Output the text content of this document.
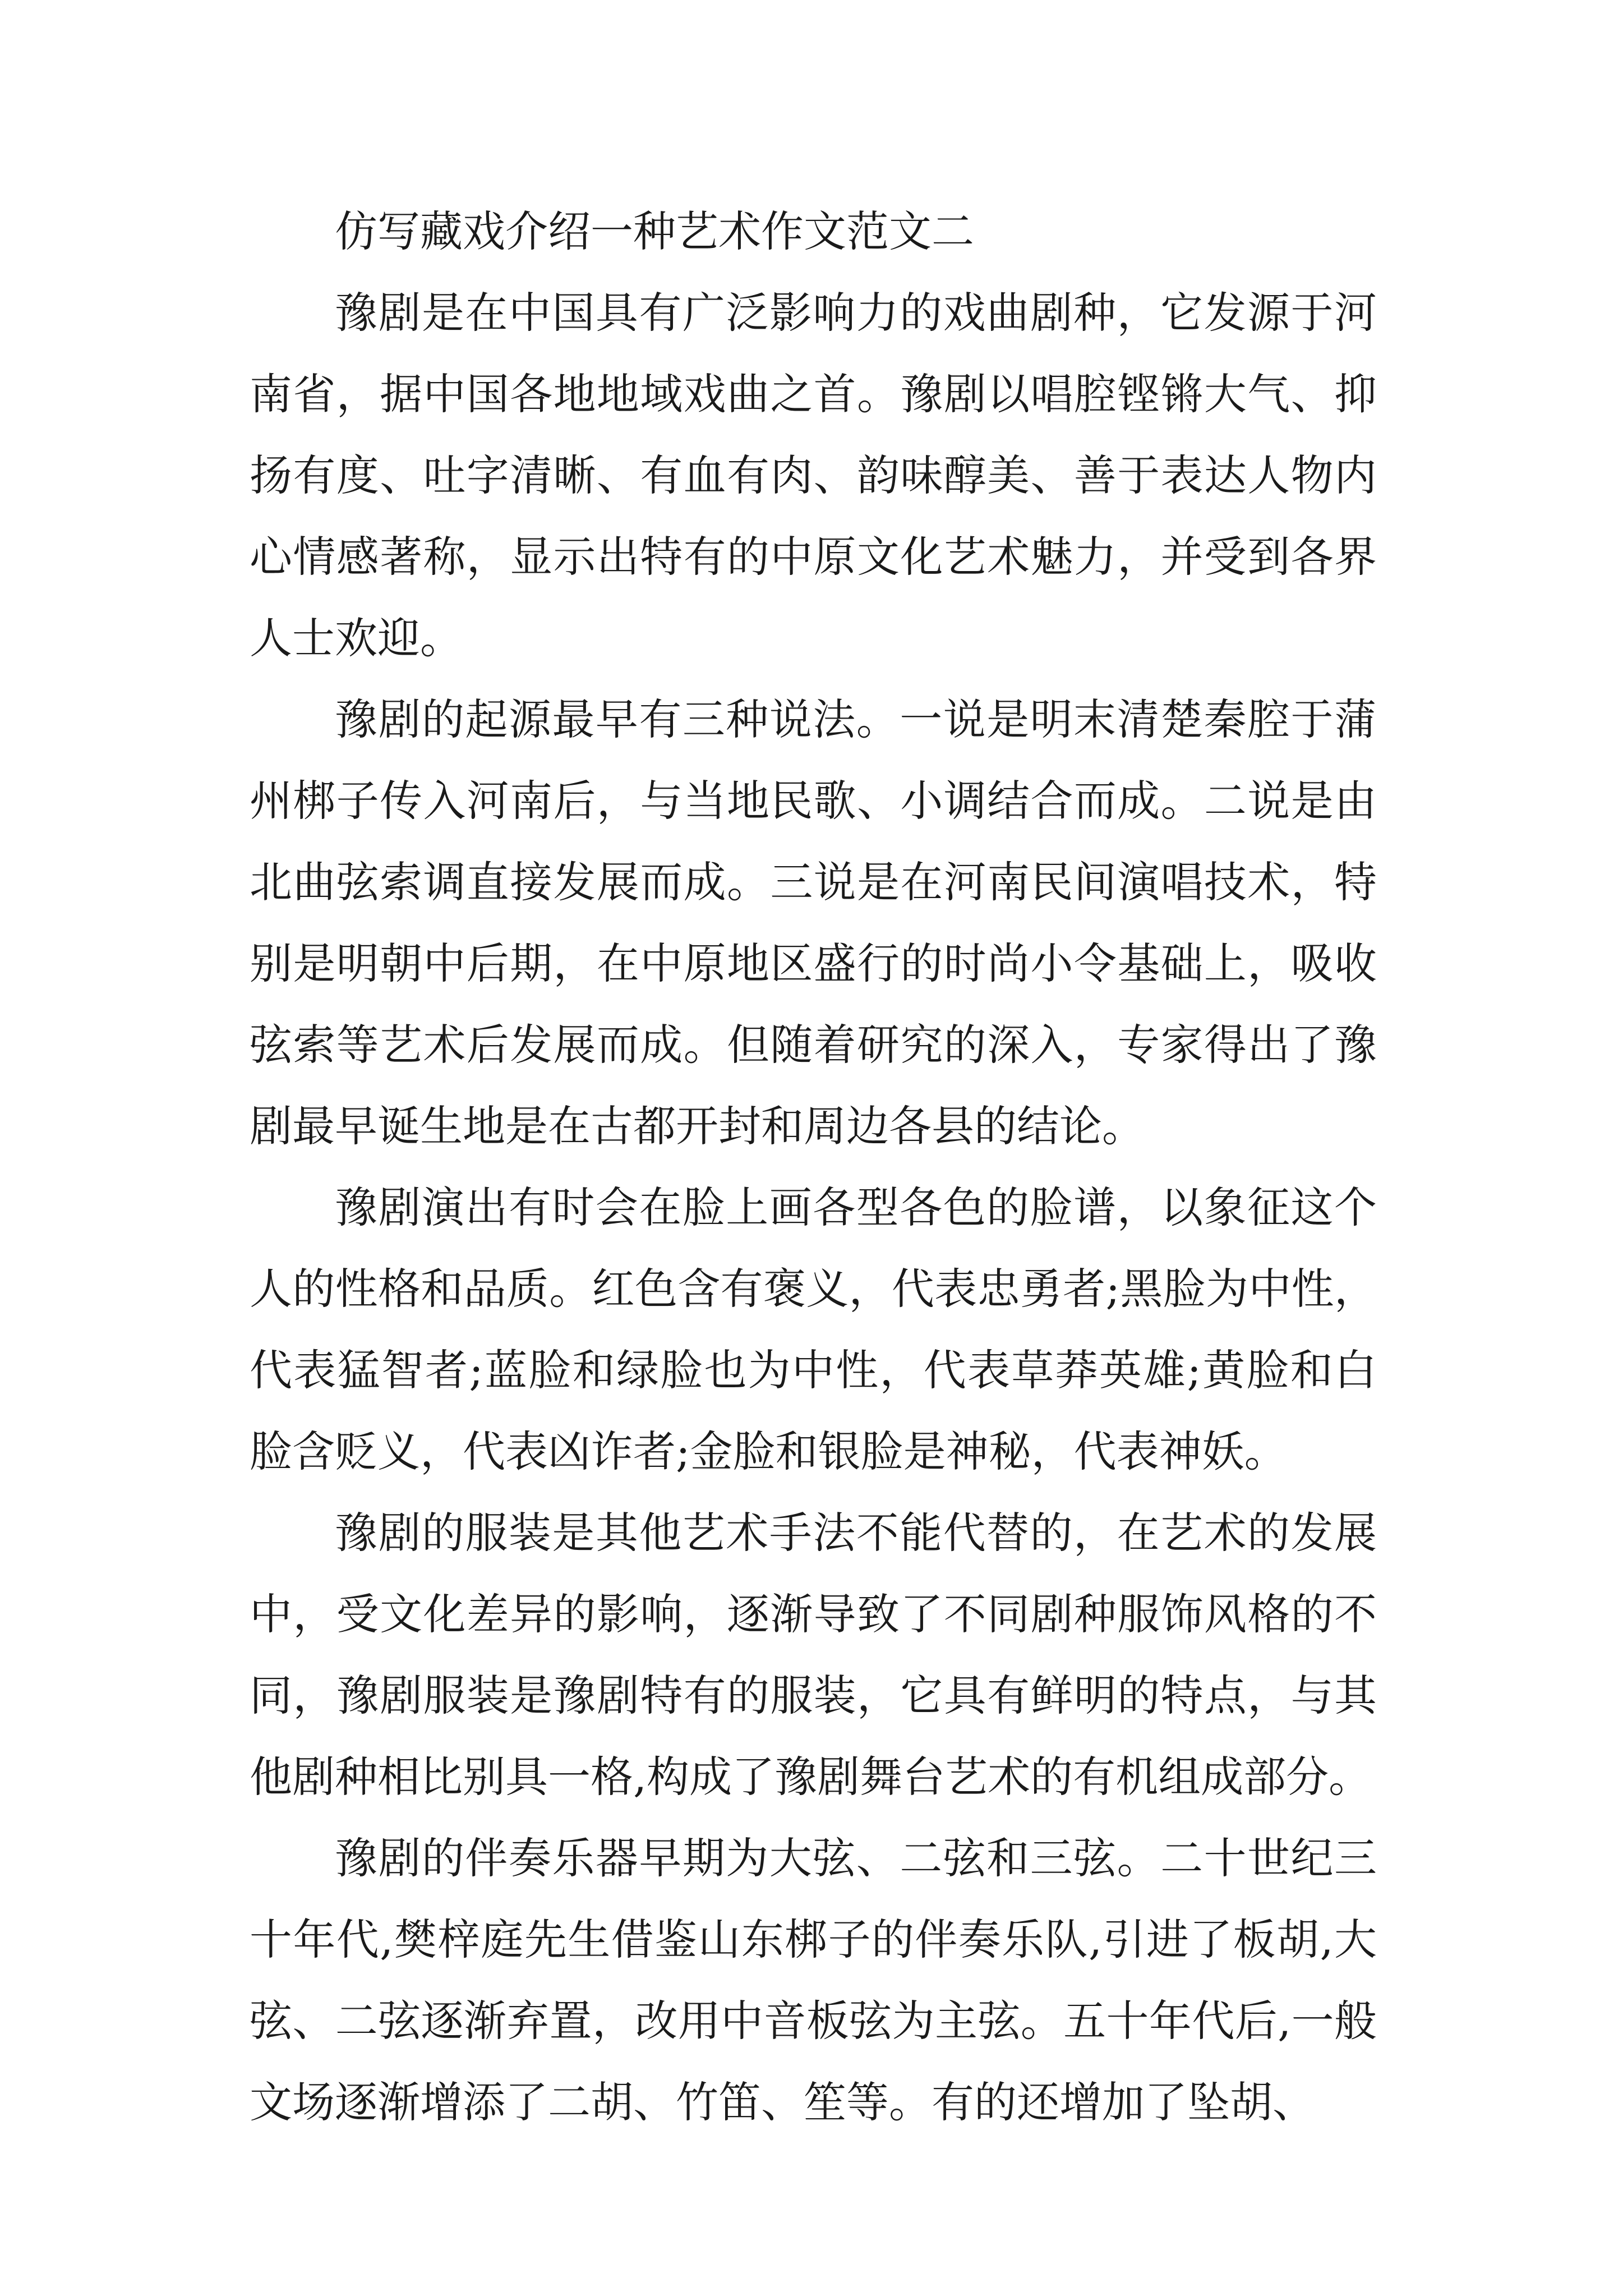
仿写藏戏介绍一种艺术作文范文二

豫剧是在中国具有广泛影响力的戏曲剧种，它发源于河南省，据中国各地地域戏曲之首。豫剧以唱腔铿锵大气、抑扬有度、吐字清晰、有血有肉、韵味醇美、善于表达人物内心情感著称，显示出特有的中原文化艺术魅力，并受到各界人士欢迎。

豫剧的起源最早有三种说法。一说是明末清楚秦腔于蒲州梆子传入河南后，与当地民歌、小调结合而成。二说是由北曲弦索调直接发展而成。三说是在河南民间演唱技术，特别是明朝中后期，在中原地区盛行的时尚小令基础上，吸收弦索等艺术后发展而成。但随着研究的深入，专家得出了豫剧最早诞生地是在古都开封和周边各县的结论。

豫剧演出有时会在脸上画各型各色的脸谱，以象征这个人的性格和品质。红色含有褒义，代表忠勇者;黑脸为中性，代表猛智者;蓝脸和绿脸也为中性，代表草莽英雄;黄脸和白脸含贬义，代表凶诈者;金脸和银脸是神秘，代表神妖。

豫剧的服装是其他艺术手法不能代替的，在艺术的发展中，受文化差异的影响，逐渐导致了不同剧种服饰风格的不同，豫剧服装是豫剧特有的服装，它具有鲜明的特点，与其他剧种相比别具一格,构成了豫剧舞台艺术的有机组成部分。

豫剧的伴奏乐器早期为大弦、二弦和三弦。二十世纪三十年代,樊梓庭先生借鉴山东梆子的伴奏乐队,引进了板胡,大弦、二弦逐渐弃置，改用中音板弦为主弦。五十年代后,一般文场逐渐增添了二胡、竹笛、笙等。有的还增加了坠胡、
